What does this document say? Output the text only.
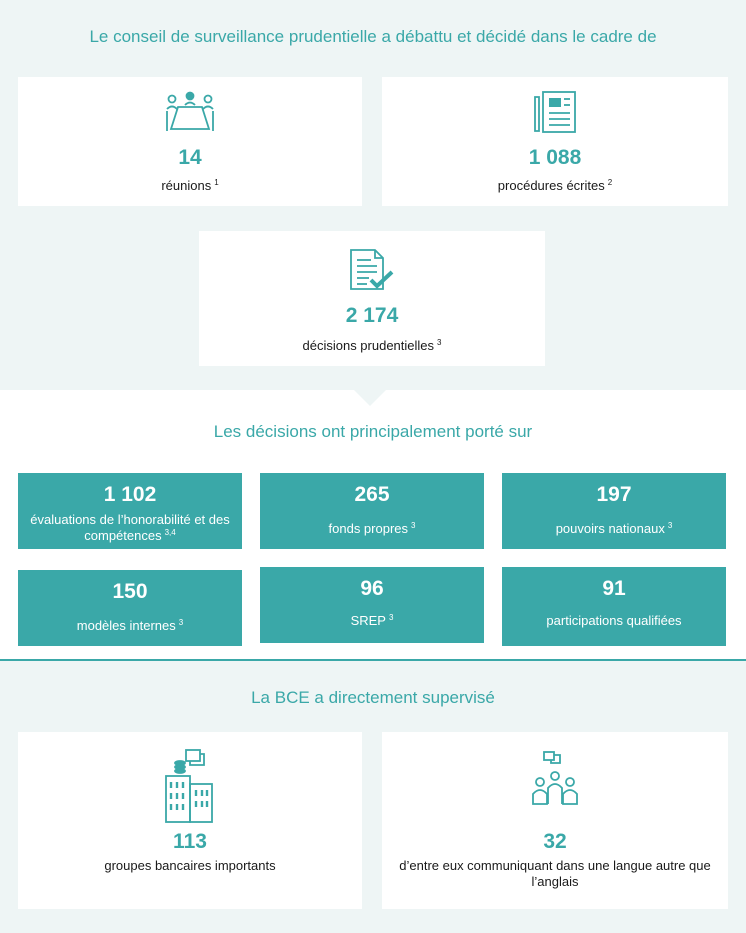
Le conseil de surveillance prudentielle a débattu et décidé dans le cadre de
14
réunions $^1$
1 088
procédures écrites $^2$
2 174
décisions prudentielles $^3$
Les décisions ont principalement porté sur
1 102
évaluations de l’honorabilité et des compétences $^{3,4}$
265
fonds propres $^3$
197
pouvoirs nationaux $^3$
150
modèles internes $^3$
96
SREP $^3$
91
participations qualifiées
La BCE a directement supervisé
113
groupes bancaires importants
32
d’entre eux communiquant dans une langue autre que l’anglais
